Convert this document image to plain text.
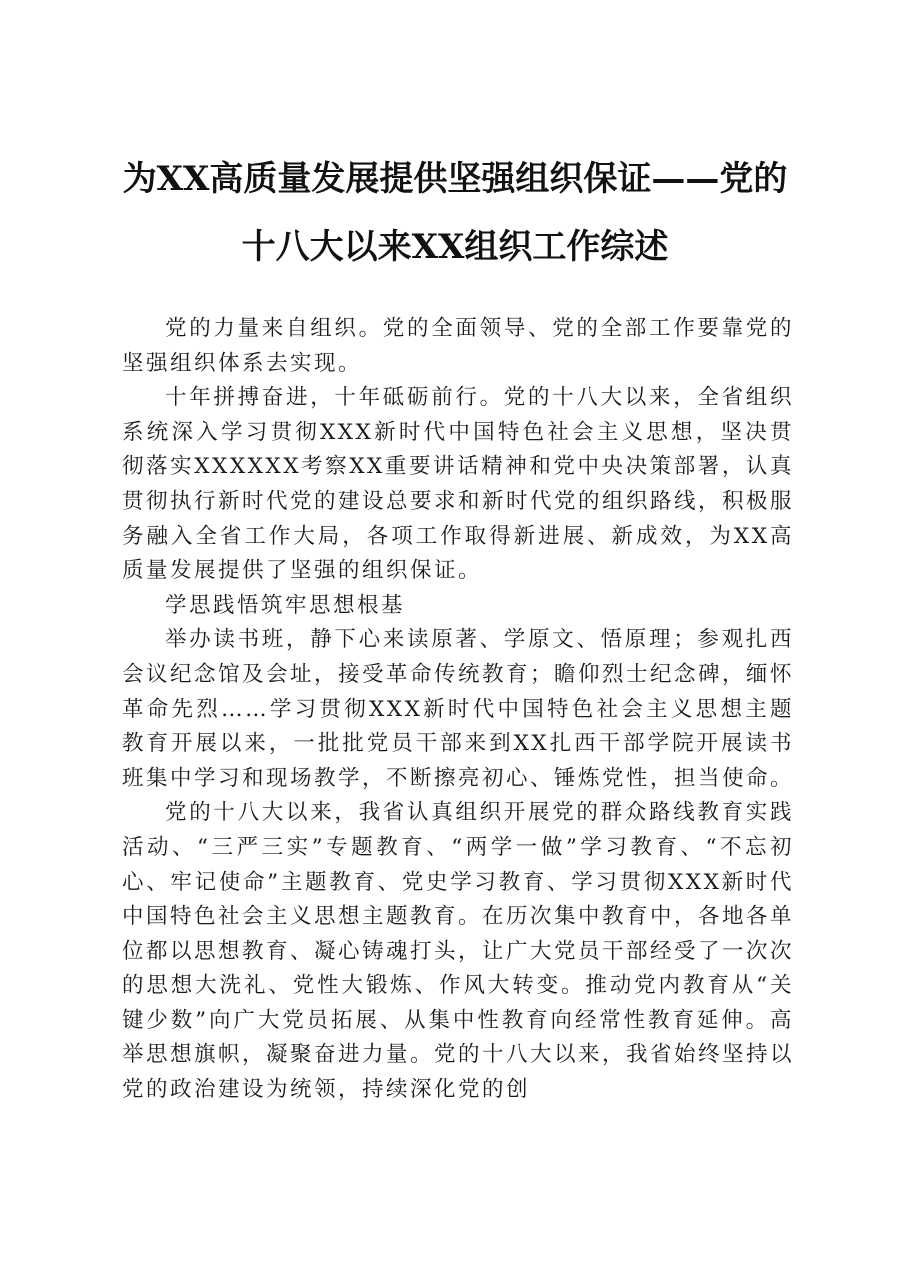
为XX高质量发展提供坚强组织保证——党的
十八大以来XX组织工作综述

党的力量来自组织。党的全面领导、党的全部工作要靠党的坚强组织体系去实现。

十年拼搏奋进，十年砥砺前行。党的十八大以来，全省组织系统深入学习贯彻XXX新时代中国特色社会主义思想，坚决贯彻落实XXXXXX考察XX重要讲话精神和党中央决策部署，认真贯彻执行新时代党的建设总要求和新时代党的组织路线，积极服务融入全省工作大局，各项工作取得新进展、新成效，为XX高质量发展提供了坚强的组织保证。

学思践悟筑牢思想根基

举办读书班，静下心来读原著、学原文、悟原理；参观扎西会议纪念馆及会址，接受革命传统教育；瞻仰烈士纪念碑，缅怀革命先烈……学习贯彻XXX新时代中国特色社会主义思想主题教育开展以来，一批批党员干部来到XX扎西干部学院开展读书班集中学习和现场教学，不断擦亮初心、锤炼党性，担当使命。

党的十八大以来，我省认真组织开展党的群众路线教育实践活动、“三严三实”专题教育、“两学一做”学习教育、“不忘初心、牢记使命”主题教育、党史学习教育、学习贯彻XXX新时代中国特色社会主义思想主题教育。在历次集中教育中，各地各单位都以思想教育、凝心铸魂打头，让广大党员干部经受了一次次的思想大洗礼、党性大锻炼、作风大转变。推动党内教育从“关键少数”向广大党员拓展、从集中性教育向经常性教育延伸。高举思想旗帜，凝聚奋进力量。党的十八大以来，我省始终坚持以党的政治建设为统领，持续深化党的创
